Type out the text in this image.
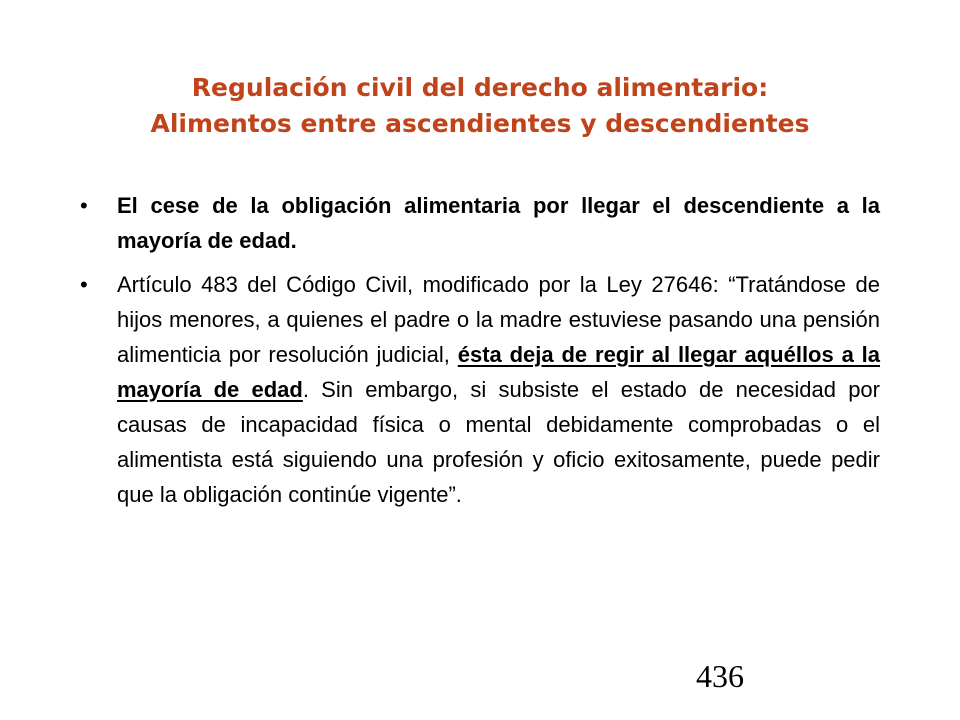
Regulación civil del derecho alimentario:
Alimentos entre ascendientes y descendientes
•	El cese de la obligación alimentaria por llegar el descendiente a la mayoría de edad.
•	Artículo 483 del Código Civil, modificado por la Ley 27646: “Tratándose de hijos menores, a quienes el padre o la madre estuviese pasando una pensión alimenticia por resolución judicial, ésta deja de regir al llegar aquéllos a la mayoría de edad. Sin embargo, si subsiste el estado de necesidad por causas de incapacidad física o mental debidamente comprobadas o el alimentista está siguiendo una profesión y oficio exitosamente, puede pedir que la obligación continúe vigente”.
436
